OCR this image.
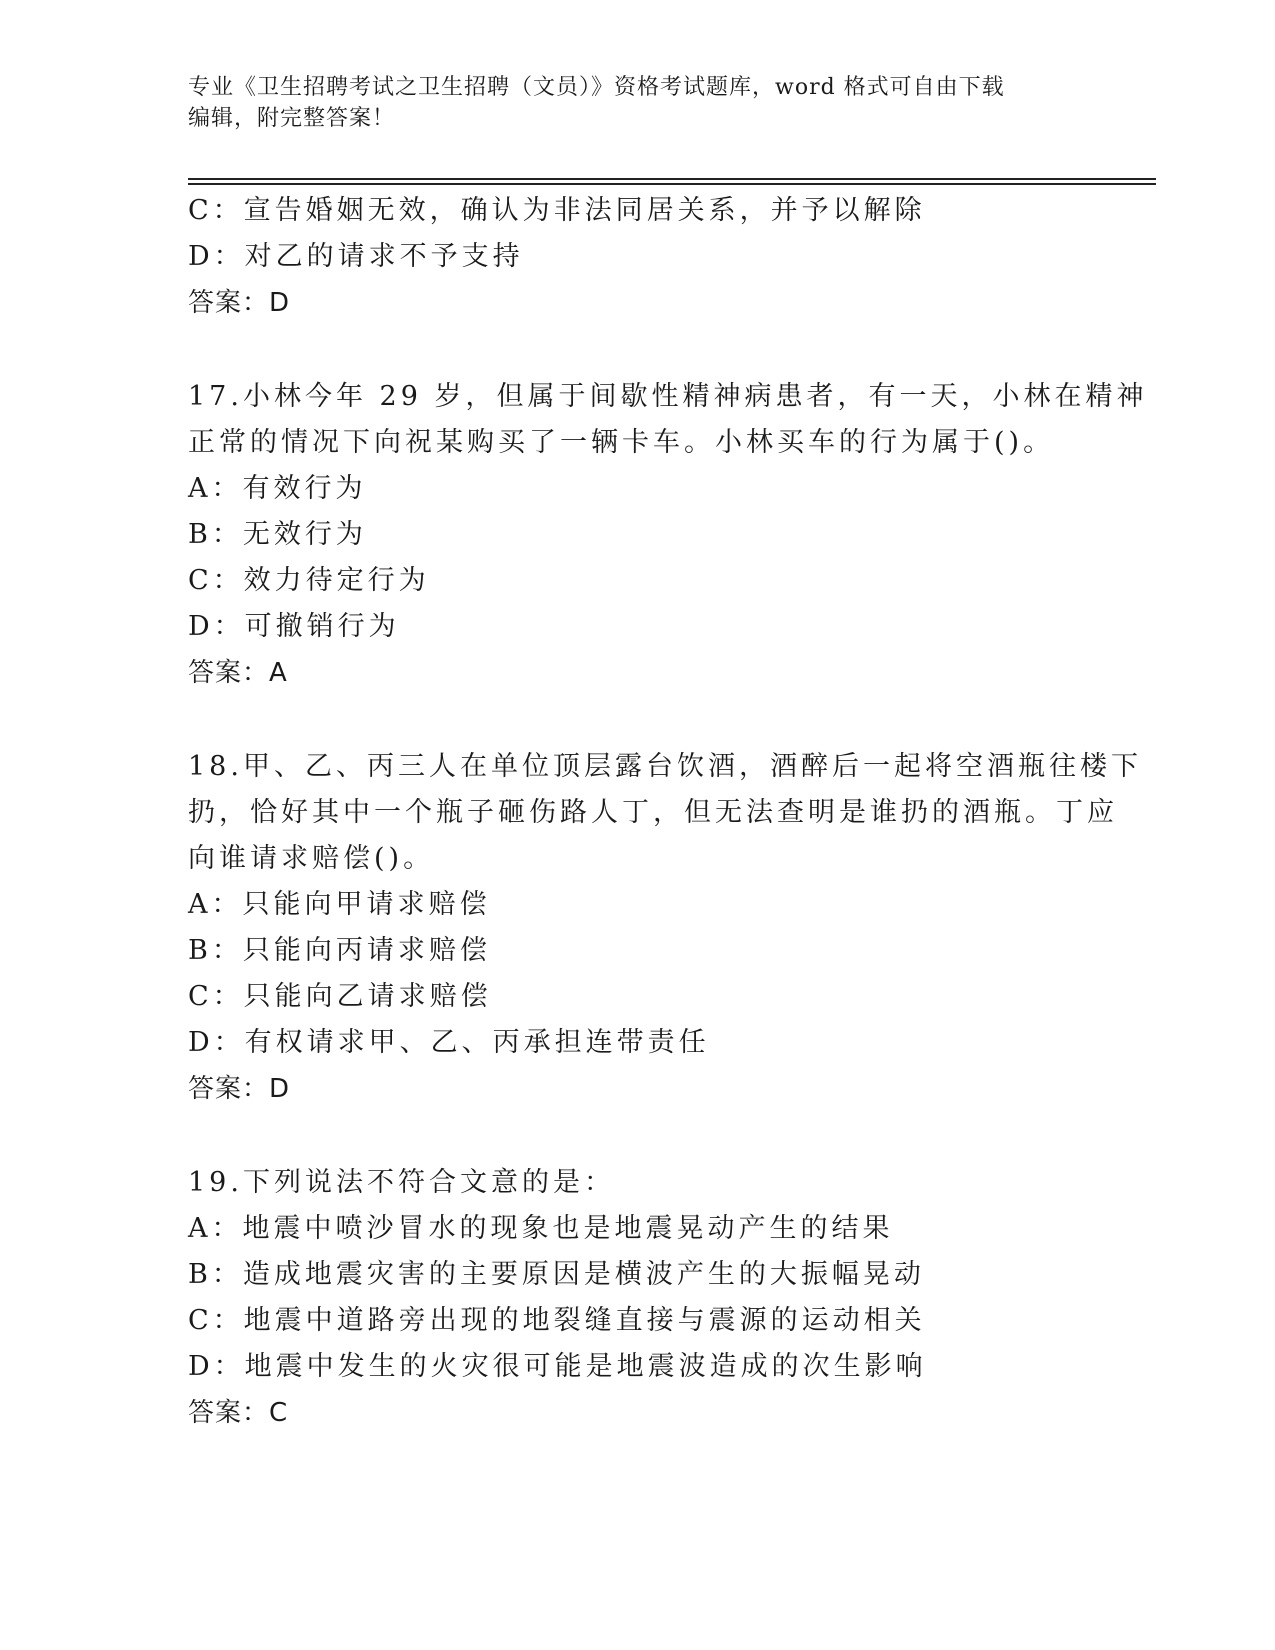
专业《卫生招聘考试之卫生招聘（文员）》资格考试题库，word 格式可自由下载
编辑，附完整答案！
C：宣告婚姻无效，确认为非法同居关系，并予以解除
D：对乙的请求不予支持
答案：D
17.小林今年 29 岁，但属于间歇性精神病患者，有一天，小林在精神
正常的情况下向祝某购买了一辆卡车。小林买车的行为属于()。
A：有效行为
B：无效行为
C：效力待定行为
D：可撤销行为
答案：A
18.甲、乙、丙三人在单位顶层露台饮酒，酒醉后一起将空酒瓶往楼下
扔，恰好其中一个瓶子砸伤路人丁，但无法查明是谁扔的酒瓶。丁应
向谁请求赔偿()。
A：只能向甲请求赔偿
B：只能向丙请求赔偿
C：只能向乙请求赔偿
D：有权请求甲、乙、丙承担连带责任
答案：D
19.下列说法不符合文意的是：
A：地震中喷沙冒水的现象也是地震晃动产生的结果
B：造成地震灾害的主要原因是横波产生的大振幅晃动
C：地震中道路旁出现的地裂缝直接与震源的运动相关
D：地震中发生的火灾很可能是地震波造成的次生影响
答案：C
